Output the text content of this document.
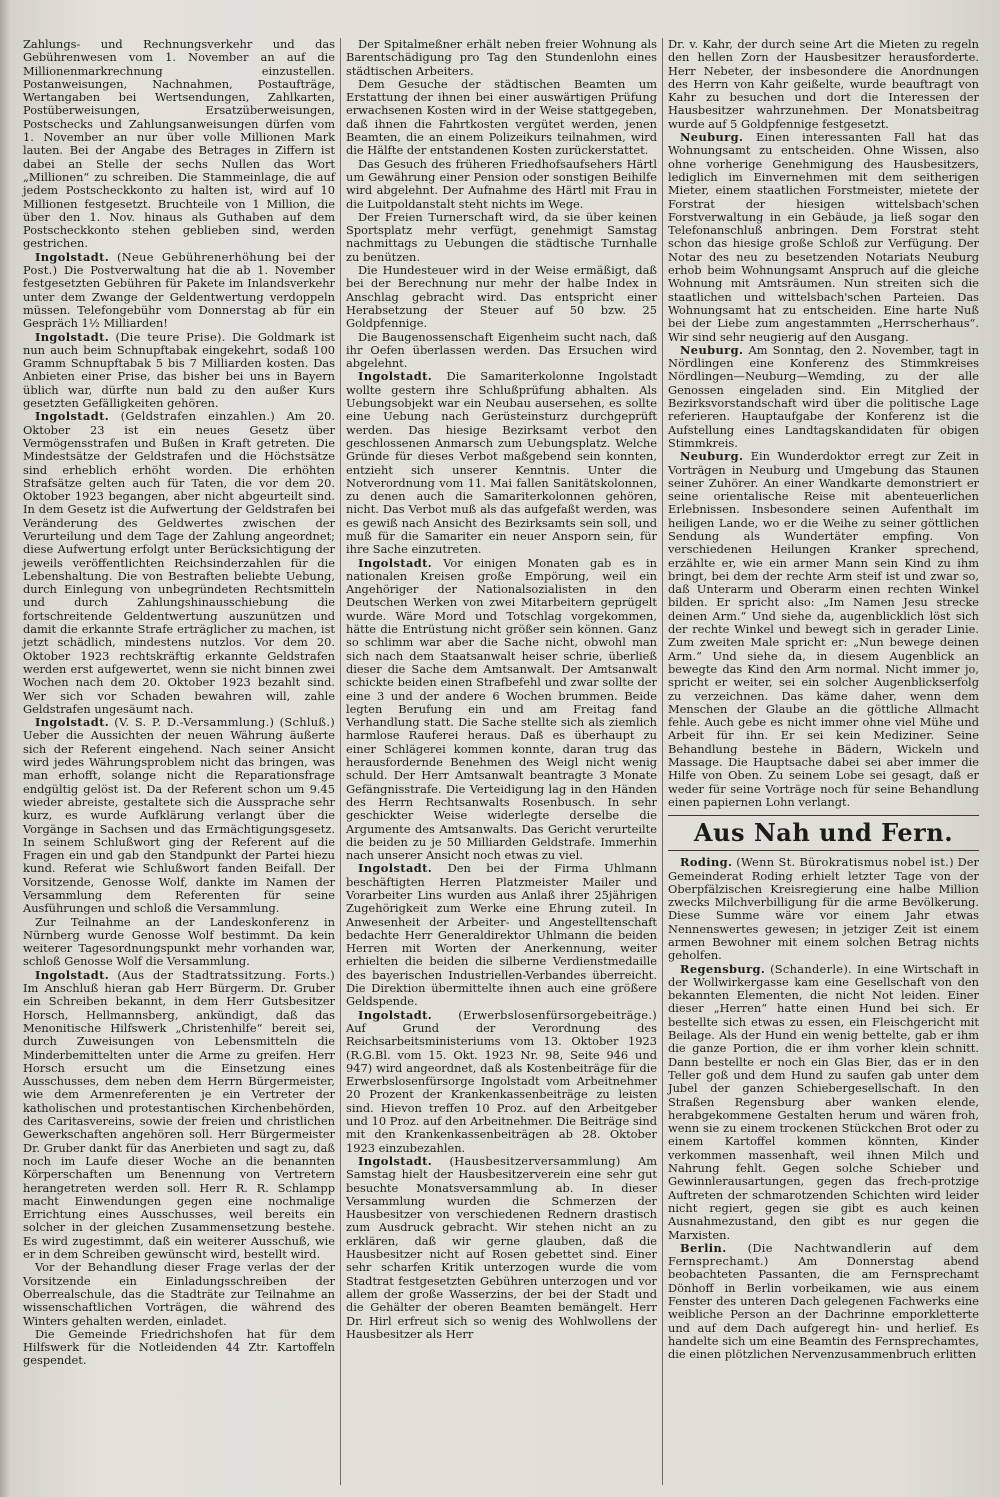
Zahlungs- und Rechnungsverkehr und das Gebührenwesen vom 1. November an auf die Millionenmarkrechnung einzustellen. Postanweisungen, Nachnahmen, Postaufträge, Wertangaben bei Wertsendungen, Zahlkarten, Postüberweisungen, Ersatzüberweisungen, Postschecks und Zahlungsanweisungen dürfen vom 1. November an nur über volle Millionen Mark lauten. Bei der Angabe des Betrages in Ziffern ist dabei an Stelle der sechs Nullen das Wort „Millionen“ zu schreiben. Die Stammeinlage, die auf jedem Postscheckkonto zu halten ist, wird auf 10 Millionen festgesetzt. Bruchteile von 1 Million, die über den 1. Nov. hinaus als Guthaben auf dem Postscheckkonto stehen geblieben sind, werden gestrichen.

Ingolstadt. (Neue Gebührenerhöhung bei der Post.) Die Postverwaltung hat die ab 1. November festgesetzten Gebühren für Pakete im Inlandsverkehr unter dem Zwange der Geldentwertung verdoppeln müssen. Telefongebühr vom Donnerstag ab für ein Gespräch 1½ Milliarden!

Ingolstadt. (Die teure Prise). Die Goldmark ist nun auch beim Schnupftabak eingekehrt, sodaß 100 Gramm Schnupftabak 5 bis 7 Milliarden kosten. Das Anbieten einer Prise, das bisher bei uns in Bayern üblich war, dürfte nun bald zu den außer Kurs gesetzten Gefälligkeiten gehören.

Ingolstadt. (Geldstrafen einzahlen.) Am 20. Oktober 23 ist ein neues Gesetz über Vermögensstrafen und Bußen in Kraft getreten. Die Mindestsätze der Geldstrafen und die Höchstsätze sind erheblich erhöht worden. Die erhöhten Strafsätze gelten auch für Taten, die vor dem 20. Oktober 1923 begangen, aber nicht abgeurteilt sind. In dem Gesetz ist die Aufwertung der Geldstrafen bei Veränderung des Geldwertes zwischen der Verurteilung und dem Tage der Zahlung angeordnet; diese Aufwertung erfolgt unter Berücksichtigung der jeweils veröffentlichten Reichsinderzahlen für die Lebenshaltung. Die von Bestraften beliebte Uebung, durch Einlegung von unbegründeten Rechtsmitteln und durch Zahlungshinausschiebung die fortschreitende Geldentwertung auszunützen und damit die erkannte Strafe erträglicher zu machen, ist jetzt schädlich, mindestens nutzlos. Vor dem 20. Oktober 1923 rechtskräftig erkannte Geldstrafen werden erst aufgewertet, wenn sie nicht binnen zwei Wochen nach dem 20. Oktober 1923 bezahlt sind. Wer sich vor Schaden bewahren will, zahle Geldstrafen ungesäumt nach.

Ingolstadt. (V. S. P. D.-Versammlung.) (Schluß.) Ueber die Aussichten der neuen Währung äußerte sich der Referent eingehend. Nach seiner Ansicht wird jedes Währungsproblem nicht das bringen, was man erhofft, solange nicht die Reparationsfrage endgültig gelöst ist. Da der Referent schon um 9.45 wieder abreiste, gestaltete sich die Aussprache sehr kurz, es wurde Aufklärung verlangt über die Vorgänge in Sachsen und das Ermächtigungsgesetz. In seinem Schlußwort ging der Referent auf die Fragen ein und gab den Standpunkt der Partei hiezu kund. Referat wie Schlußwort fanden Beifall. Der Vorsitzende, Genosse Wolf, dankte im Namen der Versammlung dem Referenten für seine Ausführungen und schloß die Versammlung.

Zur Teilnahme an der Landeskonferenz in Nürnberg wurde Genosse Wolf bestimmt. Da kein weiterer Tagesordnungspunkt mehr vorhanden war, schloß Genosse Wolf die Versammlung.

Ingolstadt. (Aus der Stadtratssitzung. Forts.) Im Anschluß hieran gab Herr Bürgerm. Dr. Gruber ein Schreiben bekannt, in dem Herr Gutsbesitzer Horsch, Hellmannsberg, ankündigt, daß das Menonitische Hilfswerk „Christenhilfe“ bereit sei, durch Zuweisungen von Lebensmitteln die Minderbemittelten unter die Arme zu greifen. Herr Horsch ersucht um die Einsetzung eines Ausschusses, dem neben dem Herrn Bürgermeister, wie dem Armenreferenten je ein Vertreter der katholischen und protestantischen Kirchenbehörden, des Caritasvereins, sowie der freien und christlichen Gewerkschaften angehören soll. Herr Bürgermeister Dr. Gruber dankt für das Anerbieten und sagt zu, daß noch im Laufe dieser Woche an die benannten Körperschaften um Benennung von Vertretern herangetreten werden soll. Herr R. R. Schlampp macht Einwendungen gegen eine nochmalige Errichtung eines Ausschusses, weil bereits ein solcher in der gleichen Zusammensetzung bestehe. Es wird zugestimmt, daß ein weiterer Ausschuß, wie er in dem Schreiben gewünscht wird, bestellt wird.

Vor der Behandlung dieser Frage verlas der der Vorsitzende ein Einladungsschreiben der Oberrealschule, das die Stadträte zur Teilnahme an wissenschaftlichen Vorträgen, die während des Winters gehalten werden, einladet.

Die Gemeinde Friedrichshofen hat für dem Hilfswerk für die Notleidenden 44 Ztr. Kartoffeln gespendet.

Der Spitalmeßner erhält neben freier Wohnung als Barentschädigung pro Tag den Stundenlohn eines städtischen Arbeiters.

Dem Gesuche der städtischen Beamten um Erstattung der ihnen bei einer auswärtigen Prüfung erwachsenen Kosten wird in der Weise stattgegeben, daß ihnen die Fahrtkosten vergütet werden, jenen Beamten, die an einem Polizeikurs teilnahmen, wird die Hälfte der entstandenen Kosten zurückerstattet.

Das Gesuch des früheren Friedhofsaufsehers Härtl um Gewährung einer Pension oder sonstigen Beihilfe wird abgelehnt. Der Aufnahme des Härtl mit Frau in die Luitpoldanstalt steht nichts im Wege.

Der Freien Turnerschaft wird, da sie über keinen Sportsplatz mehr verfügt, genehmigt Samstag nachmittags zu Uebungen die städtische Turnhalle zu benützen.

Die Hundesteuer wird in der Weise ermäßigt, daß bei der Berechnung nur mehr der halbe Index in Anschlag gebracht wird. Das entspricht einer Herabsetzung der Steuer auf 50 bzw. 25 Goldpfennige.

Die Baugenossenschaft Eigenheim sucht nach, daß ihr Oefen überlassen werden. Das Ersuchen wird abgelehnt.

Ingolstadt. Die Samariterkolonne Ingolstadt wollte gestern ihre Schlußprüfung abhalten. Als Uebungsobjekt war ein Neubau ausersehen, es sollte eine Uebung nach Gerüsteinsturz durchgeprüft werden. Das hiesige Bezirksamt verbot den geschlossenen Anmarsch zum Uebungsplatz. Welche Gründe für dieses Verbot maßgebend sein konnten, entzieht sich unserer Kenntnis. Unter die Notverordnung vom 11. Mai fallen Sanitätskolonnen, zu denen auch die Samariterkolonnen gehören, nicht. Das Verbot muß als das aufgefaßt werden, was es gewiß nach Ansicht des Bezirksamts sein soll, und muß für die Samariter ein neuer Ansporn sein, für ihre Sache einzutreten.

Ingolstadt. Vor einigen Monaten gab es in nationalen Kreisen große Empörung, weil ein Angehöriger der Nationalsozialisten in den Deutschen Werken von zwei Mitarbeitern geprügelt wurde. Wäre Mord und Totschlag vorgekommen, hätte die Entrüstung nicht größer sein können. Ganz so schlimm war aber die Sache nicht, obwohl man sich nach dem Staatsanwalt heiser schrie, überließ dieser die Sache dem Amtsanwalt. Der Amtsanwalt schickte beiden einen Strafbefehl und zwar sollte der eine 3 und der andere 6 Wochen brummen. Beide legten Berufung ein und am Freitag fand Verhandlung statt. Die Sache stellte sich als ziemlich harmlose Rauferei heraus. Daß es überhaupt zu einer Schlägerei kommen konnte, daran trug das herausfordernde Benehmen des Weigl nicht wenig schuld. Der Herr Amtsanwalt beantragte 3 Monate Gefängnisstrafe. Die Verteidigung lag in den Händen des Herrn Rechtsanwalts Rosenbusch. In sehr geschickter Weise widerlegte derselbe die Argumente des Amtsanwalts. Das Gericht verurteilte die beiden zu je 50 Milliarden Geldstrafe. Immerhin nach unserer Ansicht noch etwas zu viel.

Ingolstadt. Den bei der Firma Uhlmann beschäftigten Herren Platzmeister Mailer und Vorarbeiter Lins wurden aus Anlaß ihrer 25jährigen Zugehörigkeit zum Werke eine Ehrung zuteil. In Anwesenheit der Arbeiter- und Angestelltenschaft bedachte Herr Generaldirektor Uhlmann die beiden Herren mit Worten der Anerkennung, weiter erhielten die beiden die silberne Verdienstmedaille des bayerischen Industriellen-Verbandes überreicht. Die Direktion übermittelte ihnen auch eine größere Geldspende.

Ingolstadt. (Erwerbslosenfürsorgebeiträge.) Auf Grund der Verordnung des Reichsarbeitsministeriums vom 13. Oktober 1923 (R.G.Bl. vom 15. Okt. 1923 Nr. 98, Seite 946 und 947) wird angeordnet, daß als Kostenbeiträge für die Erwerbslosenfürsorge Ingolstadt vom Arbeitnehmer 20 Prozent der Krankenkassenbeiträge zu leisten sind. Hievon treffen 10 Proz. auf den Arbeitgeber und 10 Proz. auf den Arbeitnehmer. Die Beiträge sind mit den Krankenkassenbeiträgen ab 28. Oktober 1923 einzubezahlen.

Ingolstadt. (Hausbesitzerversammlung) Am Samstag hielt der Hausbesitzerverein eine sehr gut besuchte Monatsversammlung ab. In dieser Versammlung wurden die Schmerzen der Hausbesitzer von verschiedenen Rednern drastisch zum Ausdruck gebracht. Wir stehen nicht an zu erklären, daß wir gerne glauben, daß die Hausbesitzer nicht auf Rosen gebettet sind. Einer sehr scharfen Kritik unterzogen wurde die vom Stadtrat festgesetzten Gebühren unterzogen und vor allem der große Wasserzins, der bei der Stadt und die Gehälter der oberen Beamten bemängelt. Herr Dr. Hirl erfreut sich so wenig des Wohlwollens der Hausbesitzer als Herr

Dr. v. Kahr, der durch seine Art die Mieten zu regeln den hellen Zorn der Hausbesitzer herausforderte. Herr Nebeter, der insbesondere die Anordnungen des Herrn von Kahr geißelte, wurde beauftragt von Kahr zu besuchen und dort die Interessen der Hausbesitzer wahrzunehmen. Der Monatsbeitrag wurde auf 5 Goldpfennige festgesetzt.

Neuburg. Einen interessanten Fall hat das Wohnungsamt zu entscheiden. Ohne Wissen, also ohne vorherige Genehmigung des Hausbesitzers, lediglich im Einvernehmen mit dem seitherigen Mieter, einem staatlichen Forstmeister, mietete der Forstrat der hiesigen wittelsbach'schen Forstverwaltung in ein Gebäude, ja ließ sogar den Telefonanschluß anbringen. Dem Forstrat steht schon das hiesige große Schloß zur Verfügung. Der Notar des neu zu besetzenden Notariats Neuburg erhob beim Wohnungsamt Anspruch auf die gleiche Wohnung mit Amtsräumen. Nun streiten sich die staatlichen und wittelsbach'schen Parteien. Das Wohnungsamt hat zu entscheiden. Eine harte Nuß bei der Liebe zum angestammten „Herrscherhaus“. Wir sind sehr neugierig auf den Ausgang.

Neuburg. Am Sonntag, den 2. November, tagt in Nördlingen eine Konferenz des Stimmkreises Nördlingen—Neuburg—Wemding, zu der alle Genossen eingeladen sind. Ein Mitglied der Bezirksvorstandschaft wird über die politische Lage referieren. Hauptaufgabe der Konferenz ist die Aufstellung eines Landtagskandidaten für obigen Stimmkreis.

Neuburg. Ein Wunderdoktor erregt zur Zeit in Vorträgen in Neuburg und Umgebung das Staunen seiner Zuhörer. An einer Wandkarte demonstriert er seine orientalische Reise mit abenteuerlichen Erlebnissen. Insbesondere seinen Aufenthalt im heiligen Lande, wo er die Weihe zu seiner göttlichen Sendung als Wundertäter empfing. Von verschiedenen Heilungen Kranker sprechend, erzählte er, wie ein armer Mann sein Kind zu ihm bringt, bei dem der rechte Arm steif ist und zwar so, daß Unterarm und Oberarm einen rechten Winkel bilden. Er spricht also: „Im Namen Jesu strecke deinen Arm.“ Und siehe da, augenblicklich löst sich der rechte Winkel und bewegt sich in gerader Linie. Zum zweiten Male spricht er: „Nun bewege deinen Arm.“ Und siehe da, in diesem Augenblick an bewegte das Kind den Arm normal. Nicht immer jo, spricht er weiter, sei ein solcher Augenblickserfolg zu verzeichnen. Das käme daher, wenn dem Menschen der Glaube an die göttliche Allmacht fehle. Auch gebe es nicht immer ohne viel Mühe und Arbeit für ihn. Er sei kein Mediziner. Seine Behandlung bestehe in Bädern, Wickeln und Massage. Die Hauptsache dabei sei aber immer die Hilfe von Oben. Zu seinem Lobe sei gesagt, daß er weder für seine Vorträge noch für seine Behandlung einen papiernen Lohn verlangt.

Aus Nah und Fern.

Roding. (Wenn St. Bürokratismus nobel ist.) Der Gemeinderat Roding erhielt letzter Tage von der Oberpfälzischen Kreisregierung eine halbe Million zwecks Milchverbilligung für die arme Bevölkerung. Diese Summe wäre vor einem Jahr etwas Nennenswertes gewesen; in jetziger Zeit ist einem armen Bewohner mit einem solchen Betrag nichts geholfen.

Regensburg. (Schanderle). In eine Wirtschaft in der Wollwirkergasse kam eine Gesellschaft von den bekannten Elementen, die nicht Not leiden. Einer dieser „Herren“ hatte einen Hund bei sich. Er bestellte sich etwas zu essen, ein Fleischgericht mit Beilage. Als der Hund ein wenig bettelte, gab er ihm die ganze Portion, die er ihm vorher klein schnitt. Dann bestellte er noch ein Glas Bier, das er in den Teller goß und dem Hund zu saufen gab unter dem Jubel der ganzen Schiebergesellschaft. In den Straßen Regensburg aber wanken elende, herabgekommene Gestalten herum und wären froh, wenn sie zu einem trockenen Stückchen Brot oder zu einem Kartoffel kommen könnten, Kinder verkommen massenhaft, weil ihnen Milch und Nahrung fehlt. Gegen solche Schieber und Gewinnlerausartungen, gegen das frech-protzige Auftreten der schmarotzenden Schichten wird leider nicht regiert, gegen sie gibt es auch keinen Ausnahmezustand, den gibt es nur gegen die Marxisten.

Berlin. (Die Nachtwandlerin auf dem Fernsprechamt.)	Am Donnerstag abend beobachteten Passanten, die am Fernsprechamt Dönhoff in Berlin vorbeikamen, wie aus einem Fenster des unteren Dach gelegenen Fachwerks eine weibliche Person an der Dachrinne emporkletterte und auf dem Dach aufgeregt hin- und herlief. Es handelte sich um eine Beamtin des Fernsprechamtes, die einen plötzlichen Nervenzusammenbruch erlitten
